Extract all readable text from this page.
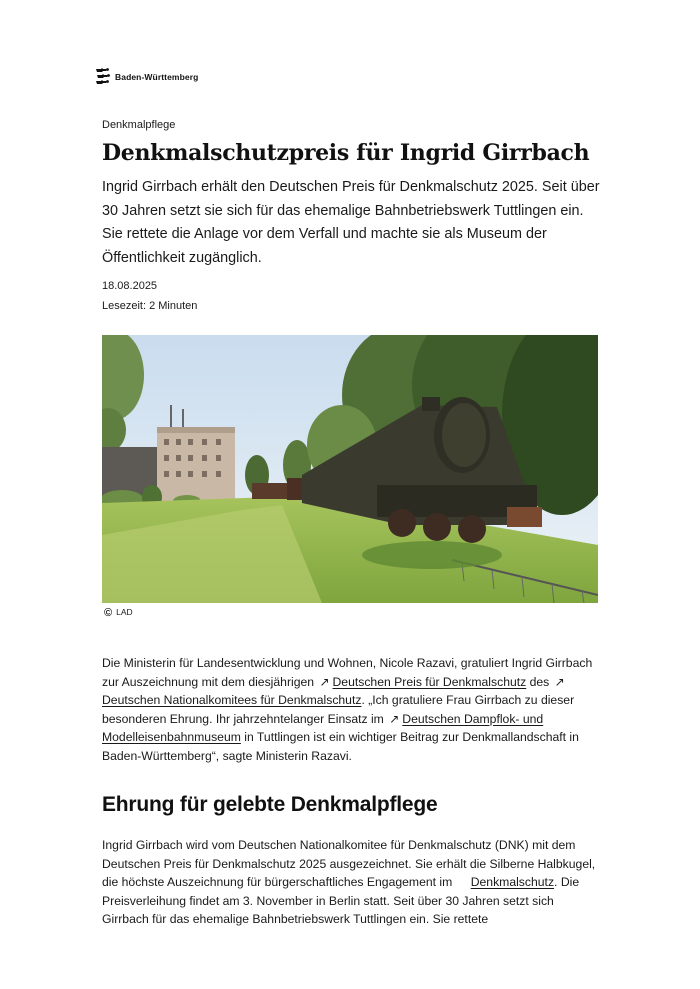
Baden-Württemberg
Denkmalpflege
Denkmalschutzpreis für Ingrid Girrbach

Ingrid Girrbach erhält den Deutschen Preis für Denkmalschutz 2025. Seit über 30 Jahren setzt sie sich für das ehemalige Bahnbetriebswerk Tuttlingen ein. Sie rettete die Anlage vor dem Verfall und machte sie als Museum der Öffentlichkeit zugänglich.

18.08.2025
Lesezeit: 2 Minuten
© LAD

Die Ministerin für Landesentwicklung und Wohnen, Nicole Razavi, gratuliert Ingrid Girrbach zur Auszeichnung mit dem diesjährigen ↗ Deutschen Preis für Denkmalschutz des ↗Deutschen Nationalkomitees für Denkmalschutz. „Ich gratuliere Frau Girrbach zu dieser besonderen Ehrung. Ihr jahrzehntelanger Einsatz im ↗ Deutschen Dampflok- und Modelleisenbahnmuseum in Tuttlingen ist ein wichtiger Beitrag zur Denkmallandschaft in Baden-Württemberg“, sagte Ministerin Razavi.

Ehrung für gelebte Denkmalpflege

Ingrid Girrbach wird vom Deutschen Nationalkomitee für Denkmalschutz (DNK) mit dem Deutschen Preis für Denkmalschutz 2025 ausgezeichnet. Sie erhält die Silberne Halbkugel, die höchste Auszeichnung für bürgerschaftliches Engagement im Denkmalschutz. Die Preisverleihung findet am 3. November in Berlin statt. Seit über 30 Jahren setzt sich Girrbach für das ehemalige Bahnbetriebswerk Tuttlingen ein. Sie rettete
